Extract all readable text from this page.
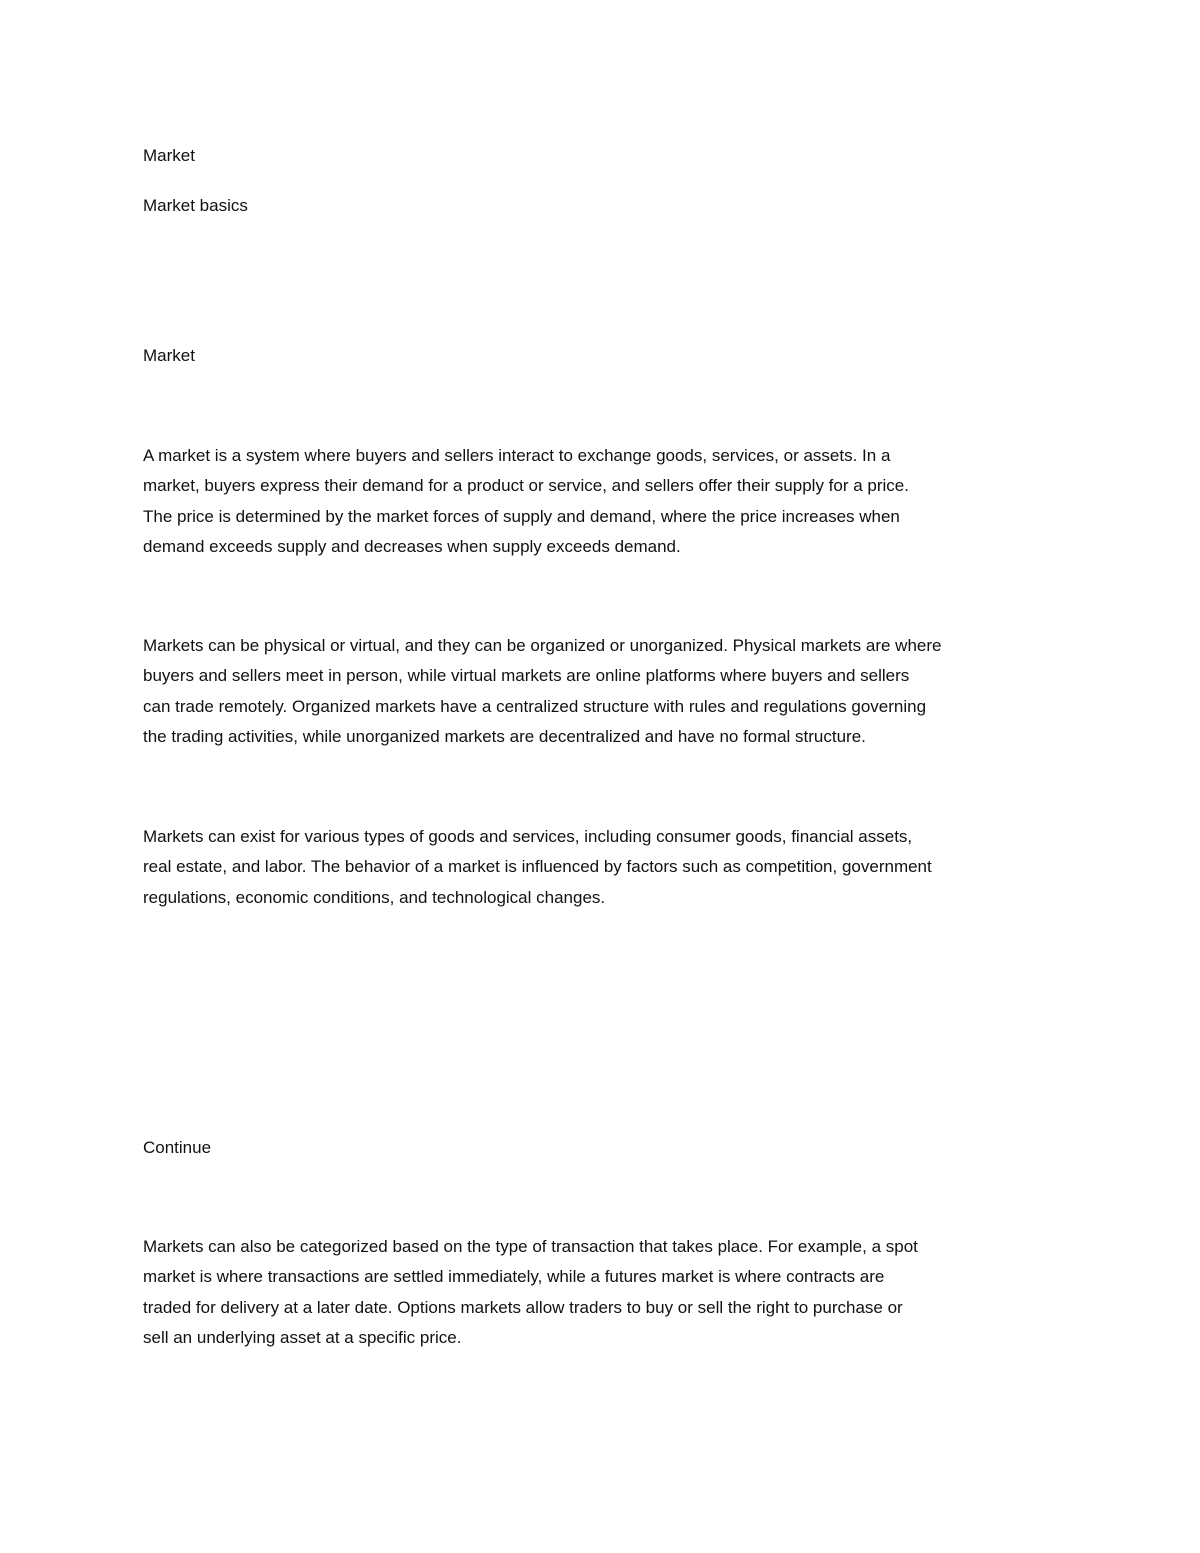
Market

Market basics

Market

A market is a system where buyers and sellers interact to exchange goods, services, or assets. In a
market, buyers express their demand for a product or service, and sellers offer their supply for a price.
The price is determined by the market forces of supply and demand, where the price increases when
demand exceeds supply and decreases when supply exceeds demand.
Markets can be physical or virtual, and they can be organized or unorganized. Physical markets are where
buyers and sellers meet in person, while virtual markets are online platforms where buyers and sellers
can trade remotely. Organized markets have a centralized structure with rules and regulations governing
the trading activities, while unorganized markets are decentralized and have no formal structure.
Markets can exist for various types of goods and services, including consumer goods, financial assets,
real estate, and labor. The behavior of a market is influenced by factors such as competition, government
regulations, economic conditions, and technological changes.

Continue

Markets can also be categorized based on the type of transaction that takes place. For example, a spot
market is where transactions are settled immediately, while a futures market is where contracts are
traded for delivery at a later date. Options markets allow traders to buy or sell the right to purchase or
sell an underlying asset at a specific price.
